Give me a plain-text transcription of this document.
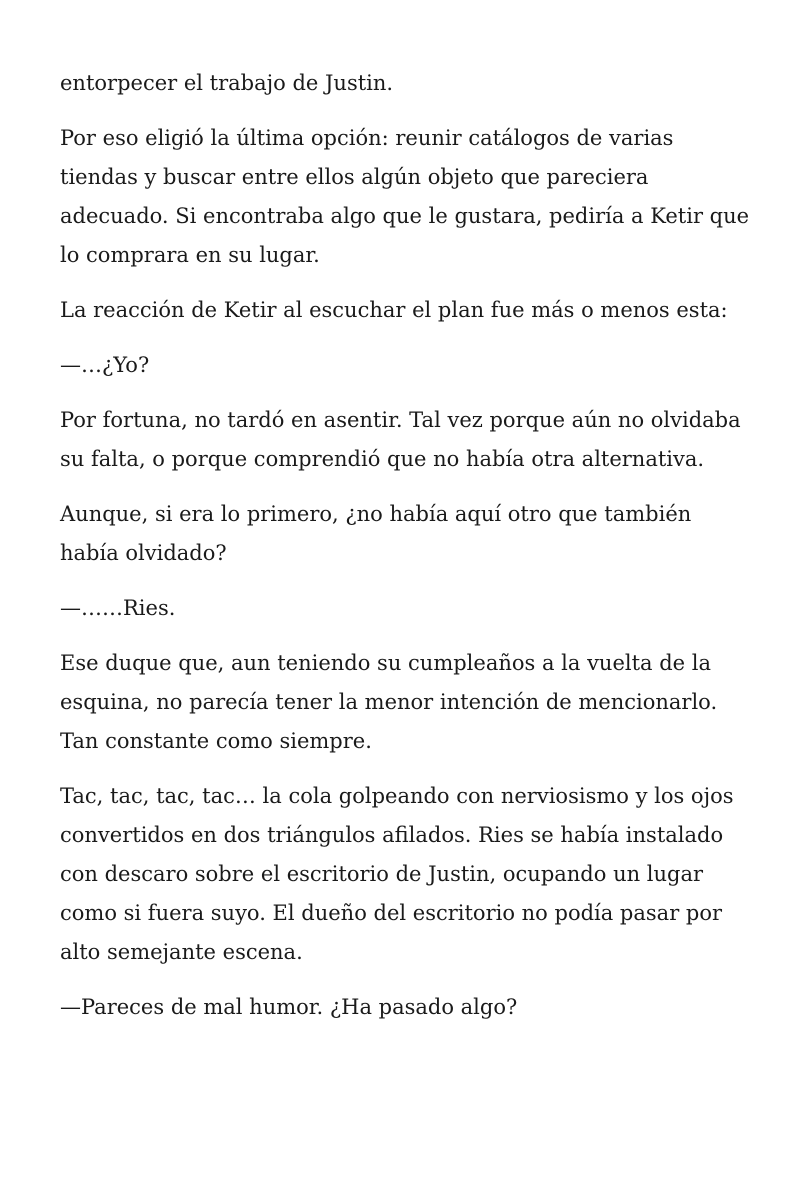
entorpecer el trabajo de Justin.

Por eso eligió la última opción: reunir catálogos de varias tiendas y buscar entre ellos algún objeto que pareciera adecuado. Si encontraba algo que le gustara, pediría a Ketir que lo comprara en su lugar.

La reacción de Ketir al escuchar el plan fue más o menos esta:

—…¿Yo?

Por fortuna, no tardó en asentir. Tal vez porque aún no olvidaba su falta, o porque comprendió que no había otra alternativa.

Aunque, si era lo primero, ¿no había aquí otro que también había olvidado?

—……Ries.

Ese duque que, aun teniendo su cumpleaños a la vuelta de la esquina, no parecía tener la menor intención de mencionarlo. Tan constante como siempre.

Tac, tac, tac, tac… la cola golpeando con nerviosismo y los ojos convertidos en dos triángulos afilados. Ries se había instalado con descaro sobre el escritorio de Justin, ocupando un lugar como si fuera suyo. El dueño del escritorio no podía pasar por alto semejante escena.

—Pareces de mal humor. ¿Ha pasado algo?
